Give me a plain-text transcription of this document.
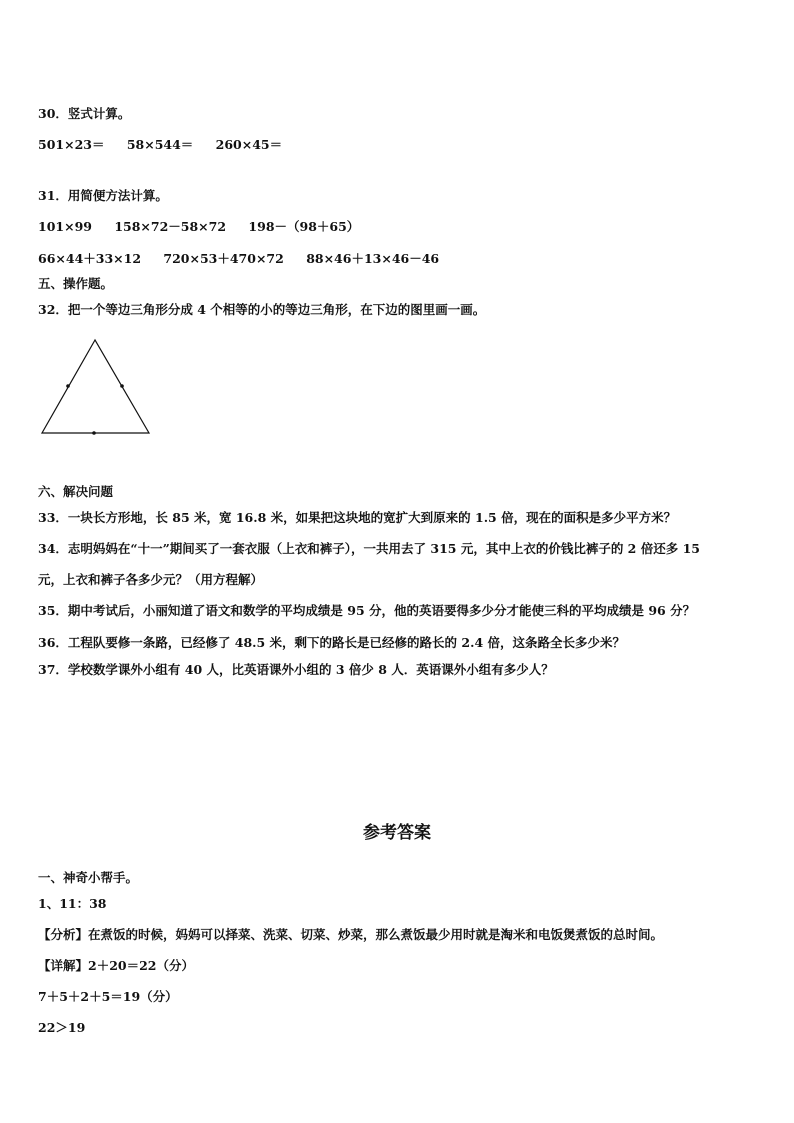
30．竖式计算。
501×23＝ 58×544＝ 260×45＝
31．用简便方法计算。
101×99 158×72－58×72 198－（98＋65）
66×44＋33×12 720×53＋470×72 88×46＋13×46－46
五、操作题。
32．把一个等边三角形分成 4 个相等的小的等边三角形，在下边的图里画一画。
六、解决问题
33．一块长方形地，长 85 米，宽 16.8 米，如果把这块地的宽扩大到原来的 1.5 倍，现在的面积是多少平方米？
34．志明妈妈在“十一”期间买了一套衣服（上衣和裤子），一共用去了 315 元，其中上衣的价钱比裤子的 2 倍还多 15
元，上衣和裤子各多少元？（用方程解）
35．期中考试后，小丽知道了语文和数学的平均成绩是 95 分，他的英语要得多少分才能使三科的平均成绩是 96 分？
36．工程队要修一条路，已经修了 48.5 米，剩下的路长是已经修的路长的 2.4 倍，这条路全长多少米？
37．学校数学课外小组有 40 人，比英语课外小组的 3 倍少 8 人．英语课外小组有多少人？
参考答案
一、神奇小帮手。
1、11：38
【分析】在煮饭的时候，妈妈可以择菜、洗菜、切菜、炒菜，那么煮饭最少用时就是淘米和电饭煲煮饭的总时间。
【详解】2＋20＝22（分）
7＋5＋2＋5＝19（分）
22＞19
